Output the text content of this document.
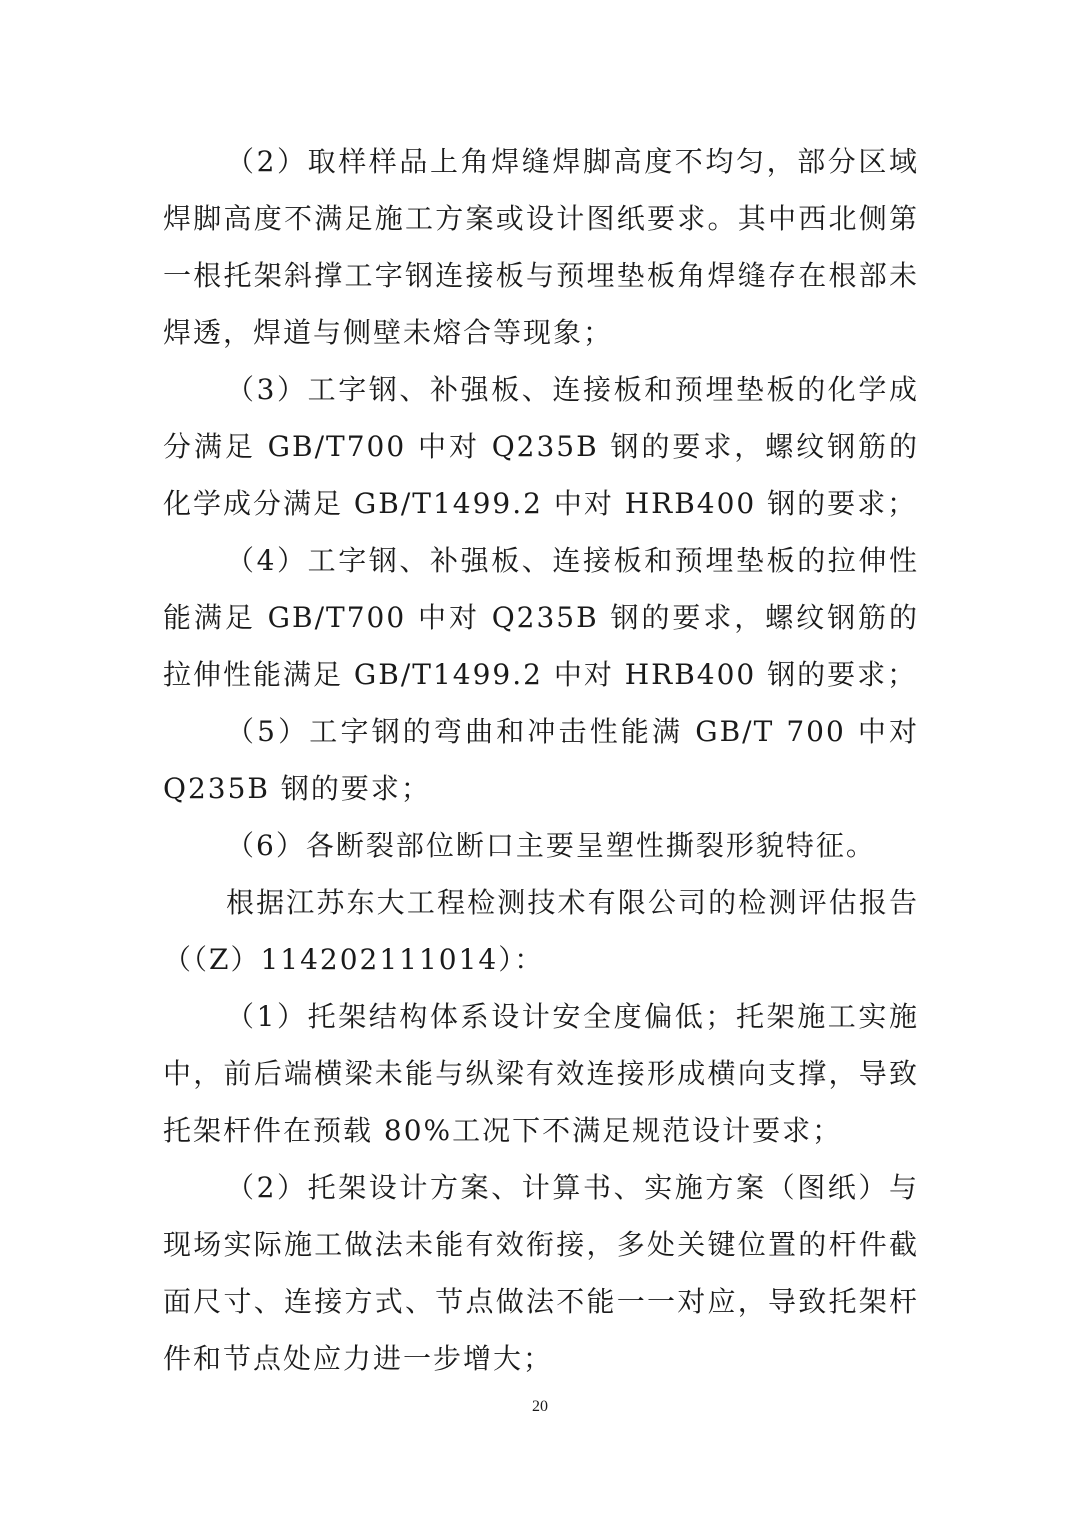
（2）取样样品上角焊缝焊脚高度不均匀，部分区域焊脚高度不满足施工方案或设计图纸要求。其中西北侧第一根托架斜撑工字钢连接板与预埋垫板角焊缝存在根部未焊透，焊道与侧壁未熔合等现象；

（3）工字钢、补强板、连接板和预埋垫板的化学成分满足 GB/T700 中对 Q235B 钢的要求，螺纹钢筋的化学成分满足 GB/T1499.2 中对 HRB400 钢的要求；

（4）工字钢、补强板、连接板和预埋垫板的拉伸性能满足 GB/T700 中对 Q235B 钢的要求，螺纹钢筋的拉伸性能满足 GB/T1499.2 中对 HRB400 钢的要求；

（5）工字钢的弯曲和冲击性能满 GB/T 700 中对 Q235B 钢的要求；

（6）各断裂部位断口主要呈塑性撕裂形貌特征。

根据江苏东大工程检测技术有限公司的检测评估报告（（Z）114202111014）：

（1）托架结构体系设计安全度偏低；托架施工实施中，前后端横梁未能与纵梁有效连接形成横向支撑，导致托架杆件在预载 80%工况下不满足规范设计要求；

（2）托架设计方案、计算书、实施方案（图纸）与现场实际施工做法未能有效衔接，多处关键位置的杆件截面尺寸、连接方式、节点做法不能一一对应，导致托架杆件和节点处应力进一步增大；

20
